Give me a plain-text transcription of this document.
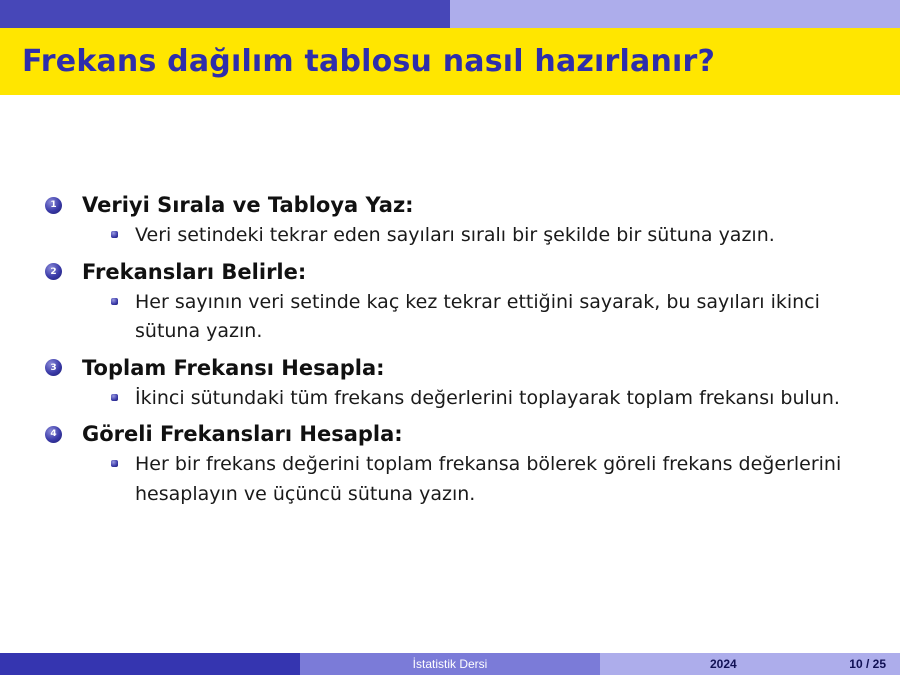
Frekans dağılım tablosu nasıl hazırlanır?
1 Veriyi Sırala ve Tabloya Yaz:
Veri setindeki tekrar eden sayıları sıralı bir şekilde bir sütuna yazın.
2 Frekansları Belirle:
Her sayının veri setinde kaç kez tekrar ettiğini sayarak, bu sayıları ikinci sütuna yazın.
3 Toplam Frekansı Hesapla:
İkinci sütundaki tüm frekans değerlerini toplayarak toplam frekansı bulun.
4 Göreli Frekansları Hesapla:
Her bir frekans değerini toplam frekansa bölerek göreli frekans değerlerini hesaplayın ve üçüncü sütuna yazın.
İstatistik Dersi	2024	10 / 25
